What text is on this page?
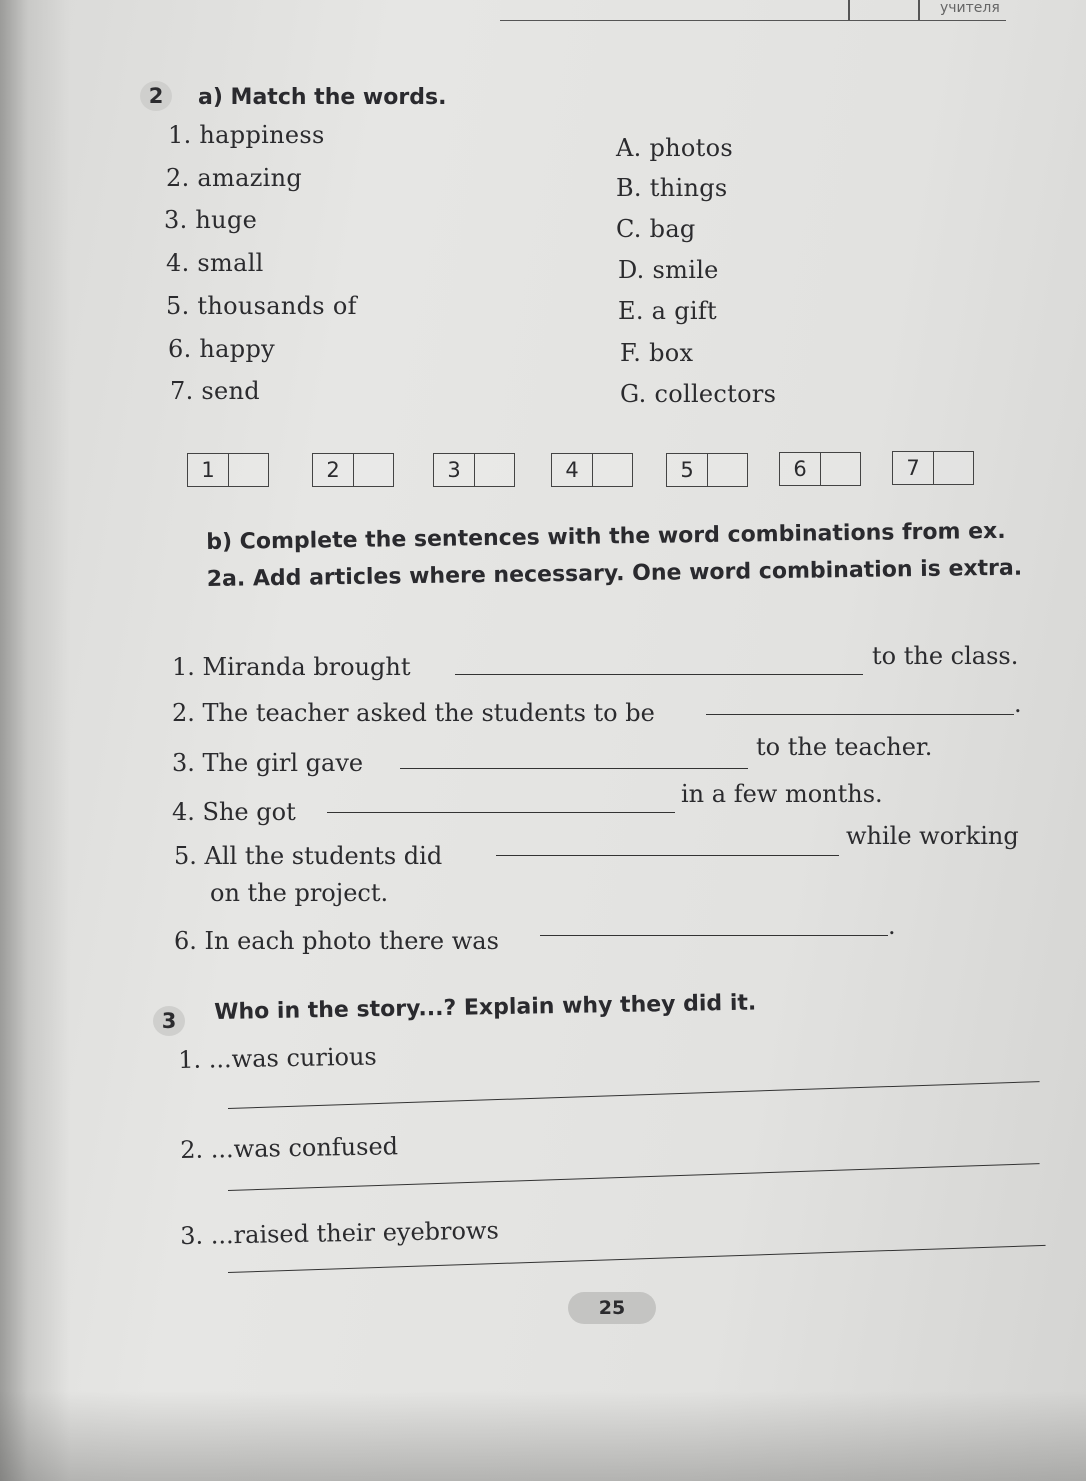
учителя
2	a) Match the words.
1. happiness
2. amazing
3. huge
4. small
5. thousands of
6. happy
7. send
A. photos
B. things
C. bag
D. smile
E. a gift
F. box
G. collectors
1	2	3	4	5	6	7
b) Complete the sentences with the word combinations from ex. 2a. Add articles where necessary. One word combination is extra.
1. Miranda brought	to the class.
2. The teacher asked the students to be	.
3. The girl gave
to the teacher.
4. She got
in a few months.
5. All the students did
while working
on the project.
6. In each photo there was
.
3	Who in the story...? Explain why they did it.
1. ...was curious
2. ...was confused
3. ...raised their eyebrows
25
